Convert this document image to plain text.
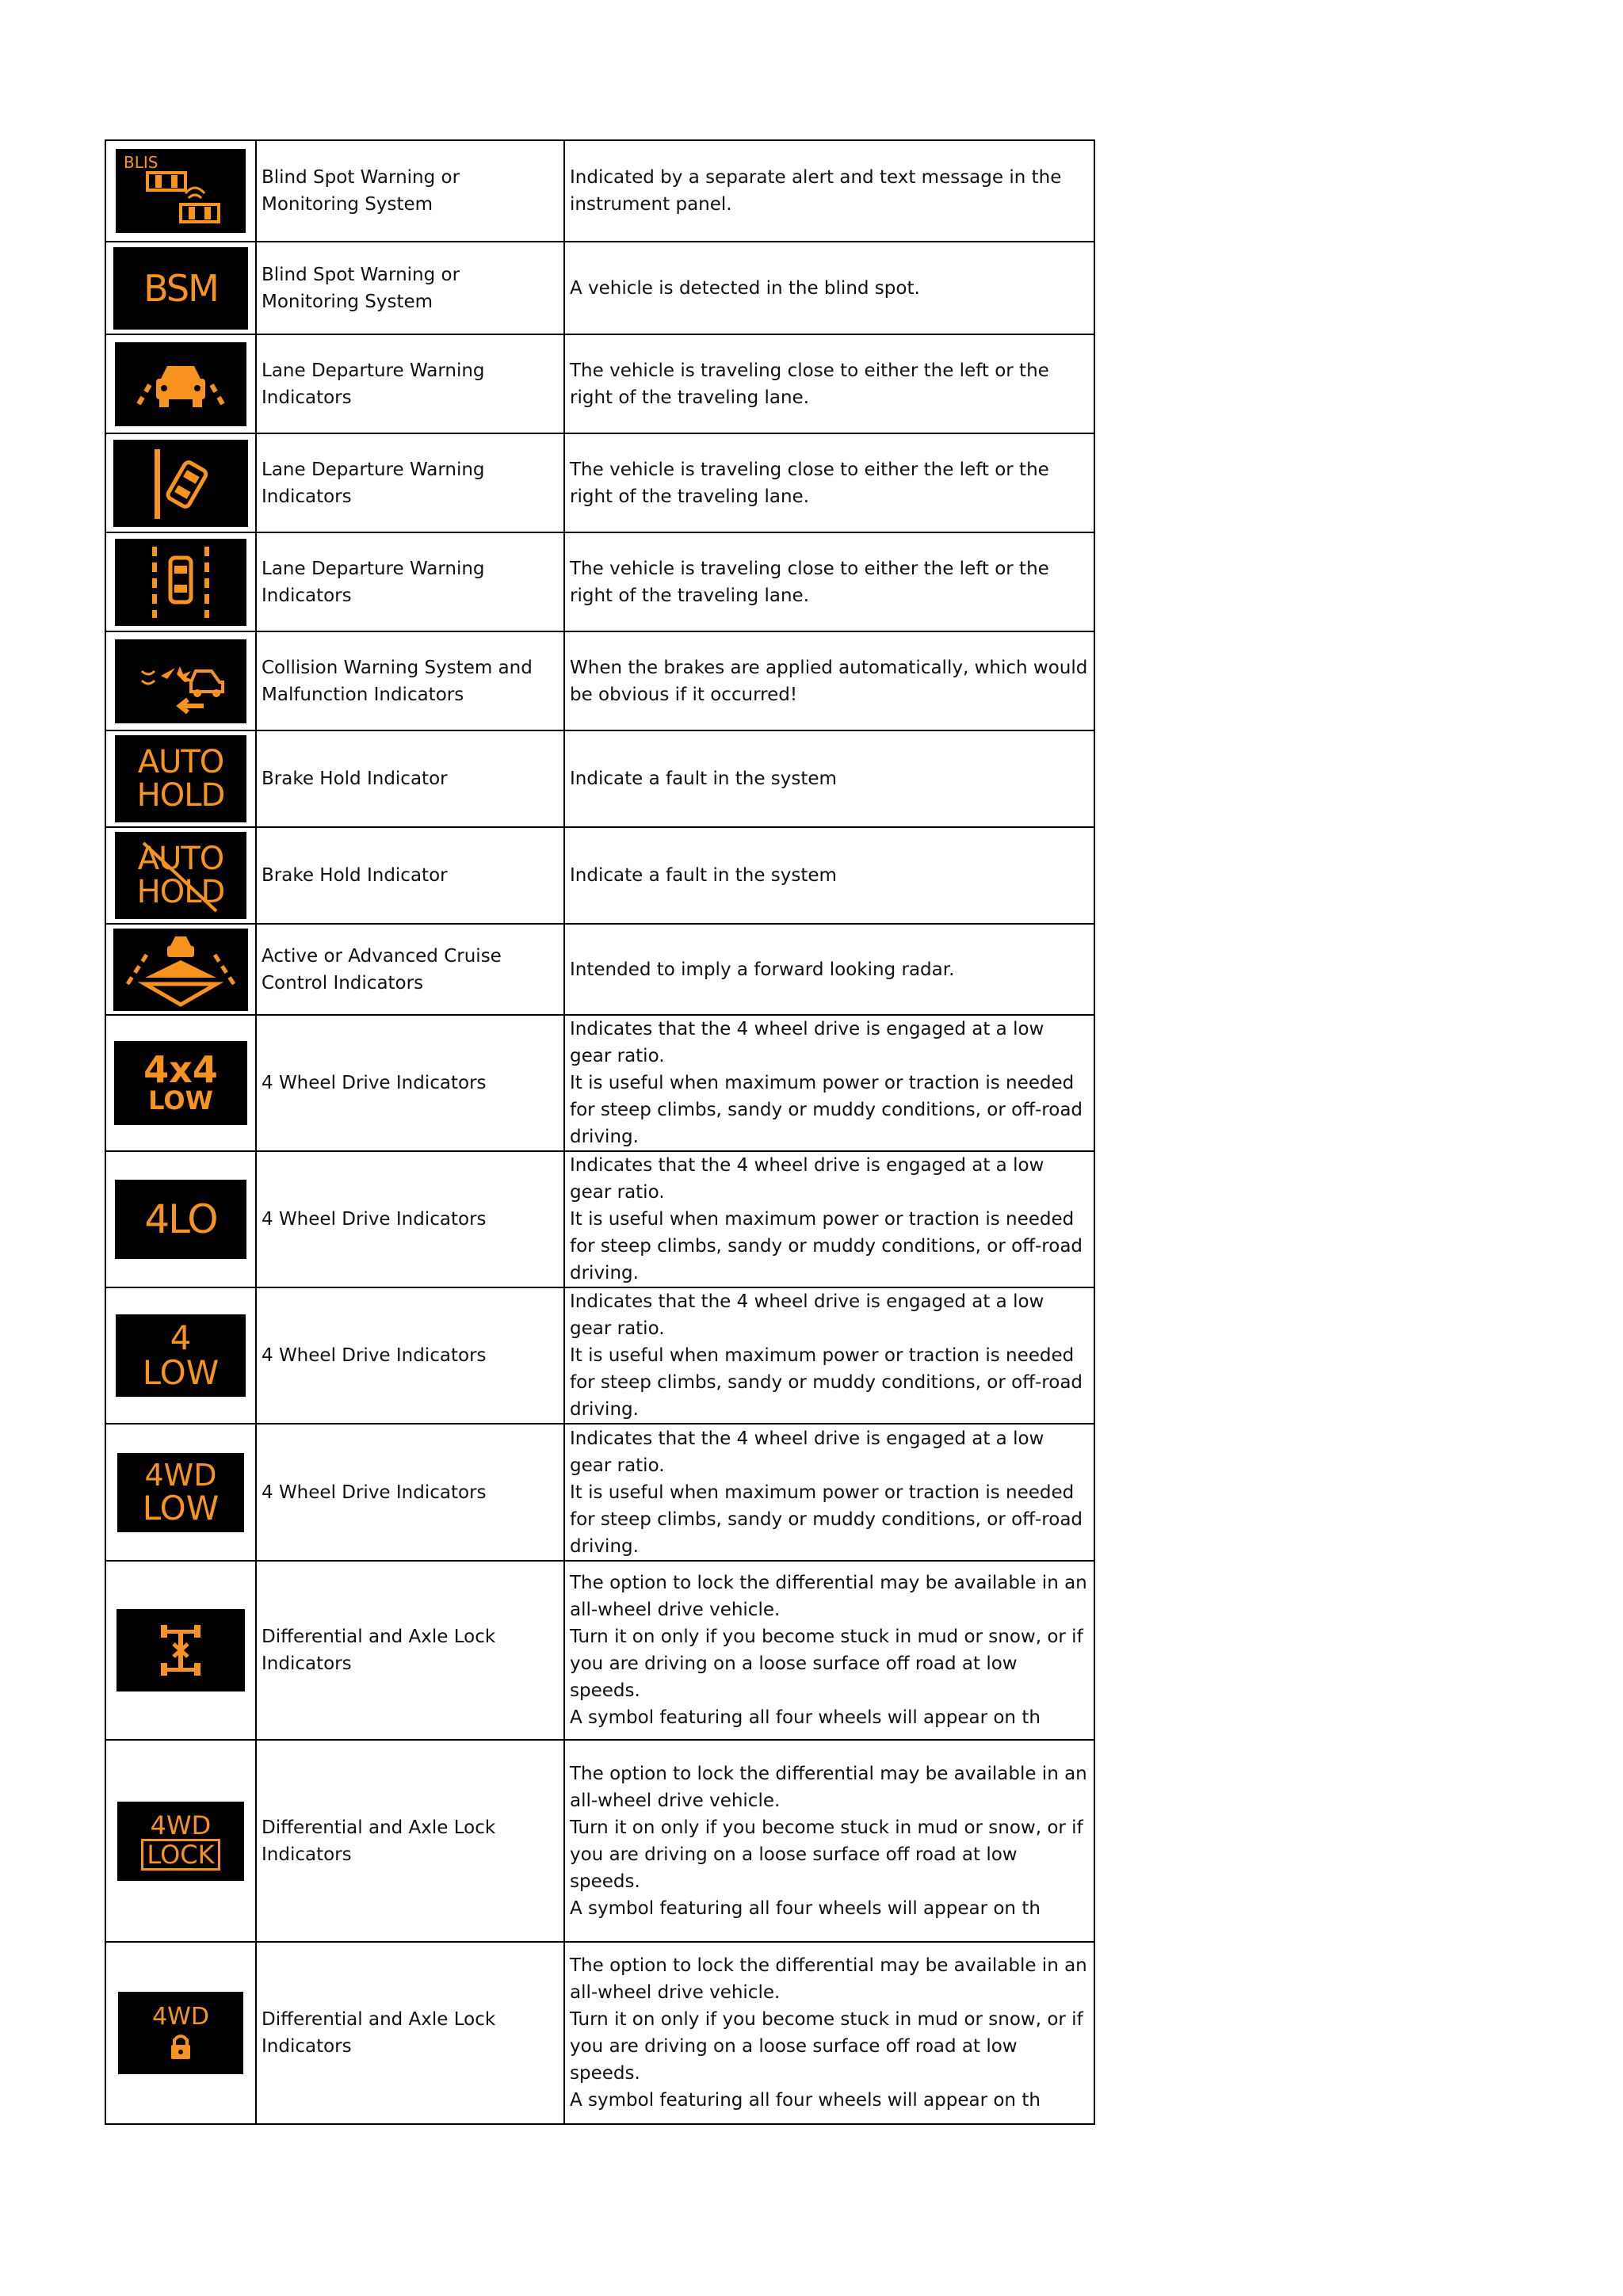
BLIS	Blind Spot Warning or Monitoring System	Indicated by a separate alert and text message in the instrument panel.

BSM	Blind Spot Warning or Monitoring System	A vehicle is detected in the blind spot.

	Lane Departure Warning Indicators	The vehicle is traveling close to either the left or the right of the traveling lane.

	Lane Departure Warning Indicators	The vehicle is traveling close to either the left or the right of the traveling lane.

	Lane Departure Warning Indicators	The vehicle is traveling close to either the left or the right of the traveling lane.

	Collision Warning System and Malfunction Indicators	When the brakes are applied automatically, which would be obvious if it occurred!

AUTO
HOLD	Brake Hold Indicator	Indicate a fault in the system

AUTO
HOLD	Brake Hold Indicator	Indicate a fault in the system

	Active or Advanced Cruise Control Indicators	Intended to imply a forward looking radar.

4x4
LOW	4 Wheel Drive Indicators	Indicates that the 4 wheel drive is engaged at a low gear ratio.
It is useful when maximum power or traction is needed for steep climbs, sandy or muddy conditions, or off-road driving.

4LO	4 Wheel Drive Indicators	Indicates that the 4 wheel drive is engaged at a low gear ratio.
It is useful when maximum power or traction is needed for steep climbs, sandy or muddy conditions, or off-road driving.

4
LOW	4 Wheel Drive Indicators	Indicates that the 4 wheel drive is engaged at a low gear ratio.
It is useful when maximum power or traction is needed for steep climbs, sandy or muddy conditions, or off-road driving.

4WD
LOW	4 Wheel Drive Indicators	Indicates that the 4 wheel drive is engaged at a low gear ratio.
It is useful when maximum power or traction is needed for steep climbs, sandy or muddy conditions, or off-road driving.

	Differential and Axle Lock Indicators	The option to lock the differential may be available in an all-wheel drive vehicle.
Turn it on only if you become stuck in mud or snow, or if you are driving on a loose surface off road at low speeds.
A symbol featuring all four wheels will appear on th

4WD
LOCK	Differential and Axle Lock Indicators	The option to lock the differential may be available in an all-wheel drive vehicle.
Turn it on only if you become stuck in mud or snow, or if you are driving on a loose surface off road at low speeds.
A symbol featuring all four wheels will appear on th

4WD	Differential and Axle Lock Indicators	The option to lock the differential may be available in an all-wheel drive vehicle.
Turn it on only if you become stuck in mud or snow, or if you are driving on a loose surface off road at low speeds.
A symbol featuring all four wheels will appear on th
